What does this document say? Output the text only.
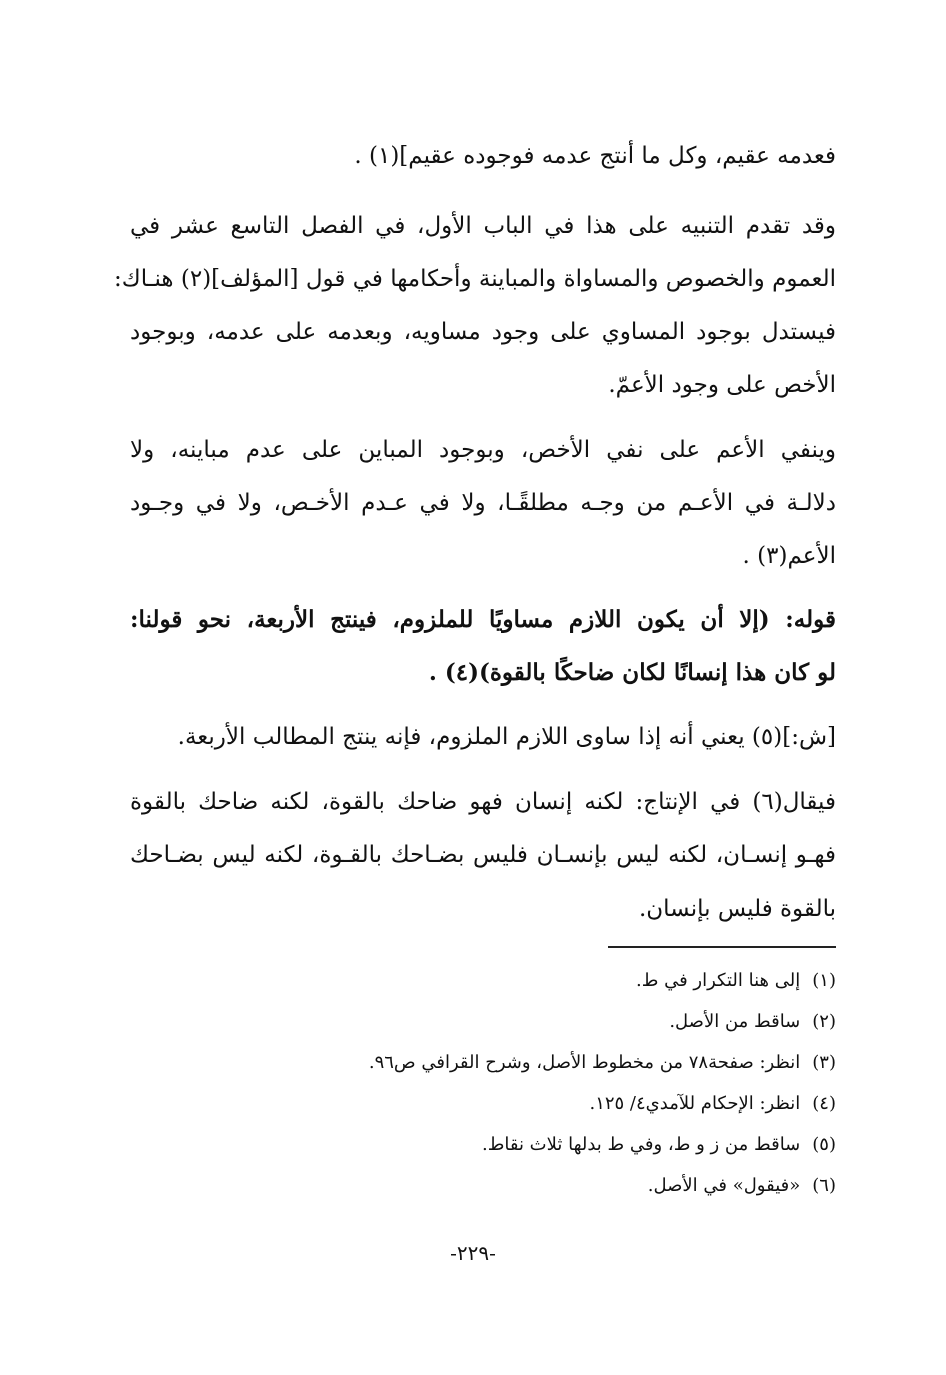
فعدمه عقيم، وكل ما أنتج عدمه فوجوده عقيم](١) .
وقد تقدم التنبيه على هذا في الباب الأول، في الفصل التاسع عشر في
العموم والخصوص والمساواة والمباينة وأحكامها في قول [المؤلف](٢) هنـاك:
فيستدل بوجود المساوي على وجود مساويه، وبعدمه على عدمه، وبوجود
الأخص على وجود الأعمّ.
وينفي الأعم على نفي الأخص، وبوجود المباين على عدم مباينه، ولا
دلالـة في الأعـم من وجـه مطلقًـا، ولا في عـدم الأخـص، ولا في وجـود
الأعم(٣) .
قوله: (إلا أن يكون اللازم مساويًا للملزوم، فينتج الأربعة، نحو قولنا:
لو كان هذا إنسانًا لكان ضاحكًا بالقوة)(٤) .
[ش:](٥) يعني أنه إذا ساوى اللازم الملزوم، فإنه ينتج المطالب الأربعة.
فيقال(٦) في الإنتاج: لكنه إنسان فهو ضاحك بالقوة، لكنه ضاحك بالقوة
فهـو إنسـان، لكنه ليس بإنسـان فليس بضـاحك بالقـوة، لكنه ليس بضـاحك
بالقوة فليس بإنسان.
(١)إلى هنا التكرار في ط.
(٢)ساقط من الأصل.
(٣)انظر: صفحة٧٨ من مخطوط الأصل، وشرح القرافي ص٩٦.
(٤)انظر: الإحكام للآمدي٤/ ١٢٥.
(٥)ساقط من ز و ط، وفي ط بدلها ثلاث نقاط.
(٦)«فيقول» في الأصل.
-٢٢٩-
